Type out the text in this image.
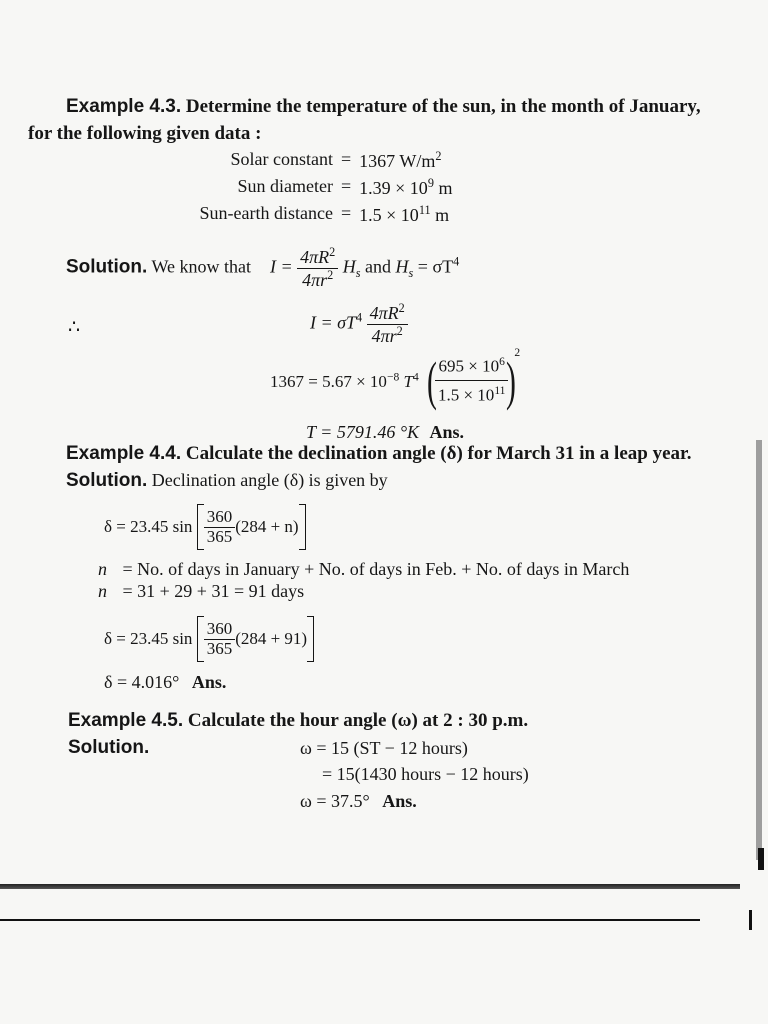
Example 4.3. Determine the temperature of the sun, in the month of January,
for the following given data :
Solar constant = 1367 $W/m^2$
Sun diameter = $1.39 \times 10^9$ m
Sun-earth distance = $1.5 \times 10^{11}$ m
Solution. We know that $I = \frac{4\pi R^2}{4\pi r^2} H_s$ and $H_s = \sigma T^4$
∴	$I = \sigma T^4 \frac{4\pi R^2}{4\pi r^2}$
$1367 = 5.67 \times 10^{-8}$ $T^4$ (
$\frac{695 \times 10^6}{1.5 \times 10^{11}}$
)$^2$
T = 5791.46 °K Ans.
Example 4.4. Calculate the declination angle (δ) for March 31 in a leap year.
Solution. Declination angle (δ) is given by
δ = 23.45 $\sin \frac{360}{365} (284 + n)$
n = No. of days in January + No. of days in Feb. + No. of days in March
n = 31 + 29 + 31 = 91 days
δ = 23.45 $\sin \frac{360}{365} (284 + 91)$
δ = 4.016° Ans.
Example 4.5. Calculate the hour angle (ω) at 2 : 30 p.m.
Solution.	ω = 15 (ST − 12 hours)
= 15(1430 hours − 12 hours)
ω = 37.5° Ans.
